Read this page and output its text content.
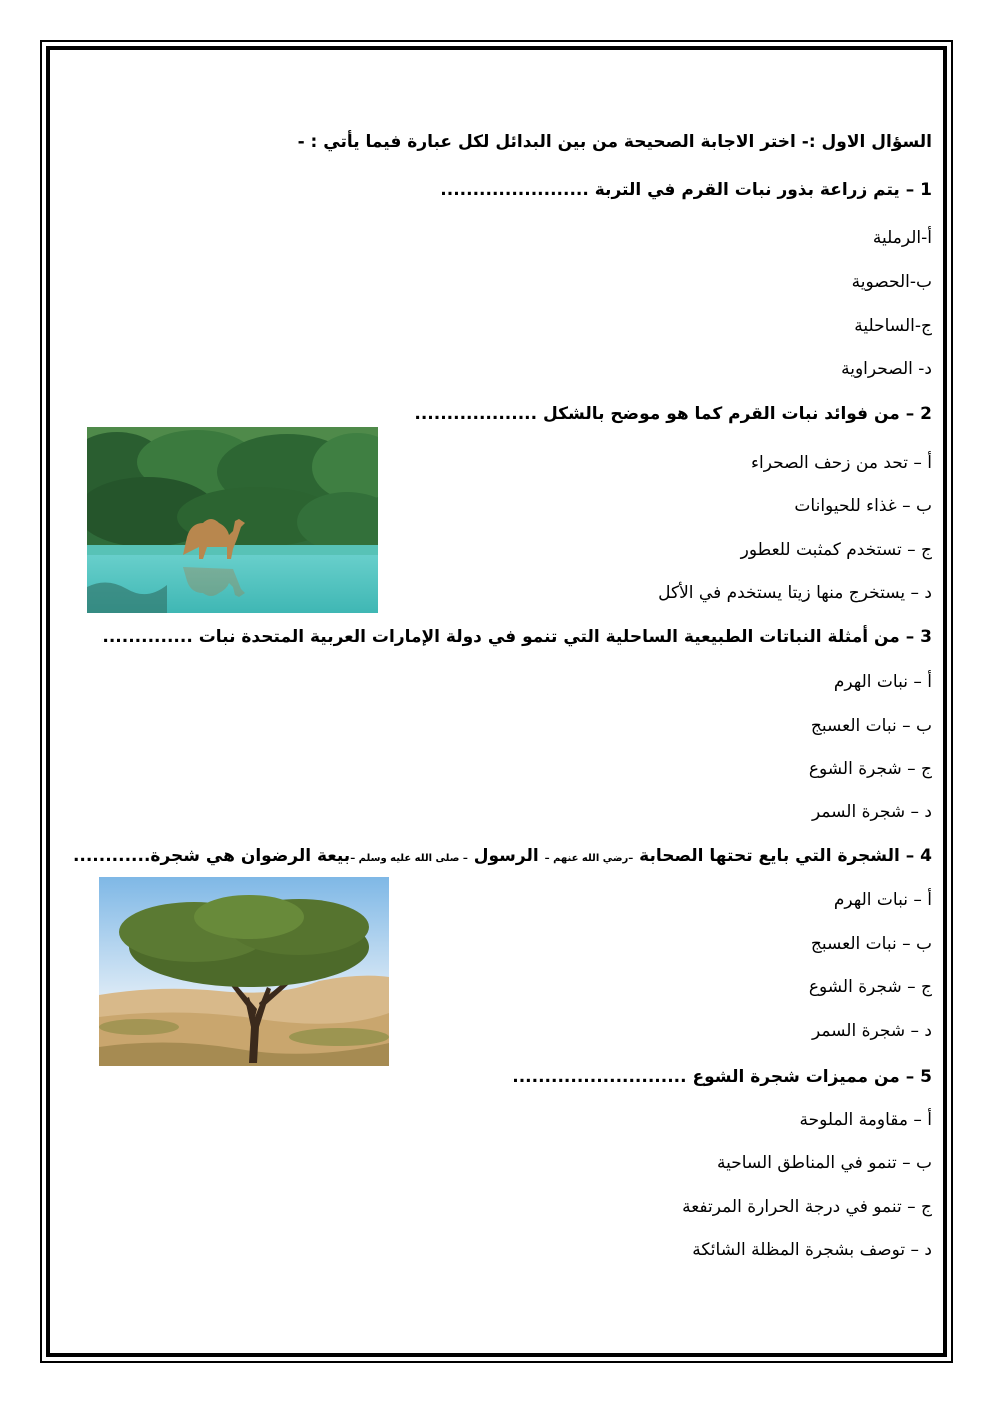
السؤال الاول :- اختر الاجابة الصحيحة من بين البدائل لكل عبارة فيما يأتي : -
1 – يتم زراعة بذور نبات القرم في التربة .......................
أ-الرملية
ب-الحصوية
ج-الساحلية
د- الصحراوية
2 – من فوائد نبات القرم كما هو موضح بالشكل ...................
أ – تحد من زحف الصحراء
ب – غذاء للحيوانات
ج – تستخدم كمثبت للعطور
د – يستخرج منها زيتا يستخدم في الأكل
3 – من أمثلة النباتات الطبيعية الساحلية التي تنمو في دولة الإمارات العربية المتحدة نبات ..............
أ – نبات الهرم
ب – نبات العسبج
ج – شجرة الشوع
د – شجرة السمر
4 – الشجرة التي بايع تحتها الصحابة –رضي الله عنهم – الرسول – صلى الله عليه وسلم –بيعة الرضوان هي شجرة............
أ – نبات الهرم
ب – نبات العسبج
ج – شجرة الشوع
د – شجرة السمر
5 – من مميزات شجرة الشوع ...........................
أ – مقاومة الملوحة
ب – تنمو في المناطق الساحية
ج – تنمو في درجة الحرارة المرتفعة
د – توصف بشجرة المظلة الشائكة
